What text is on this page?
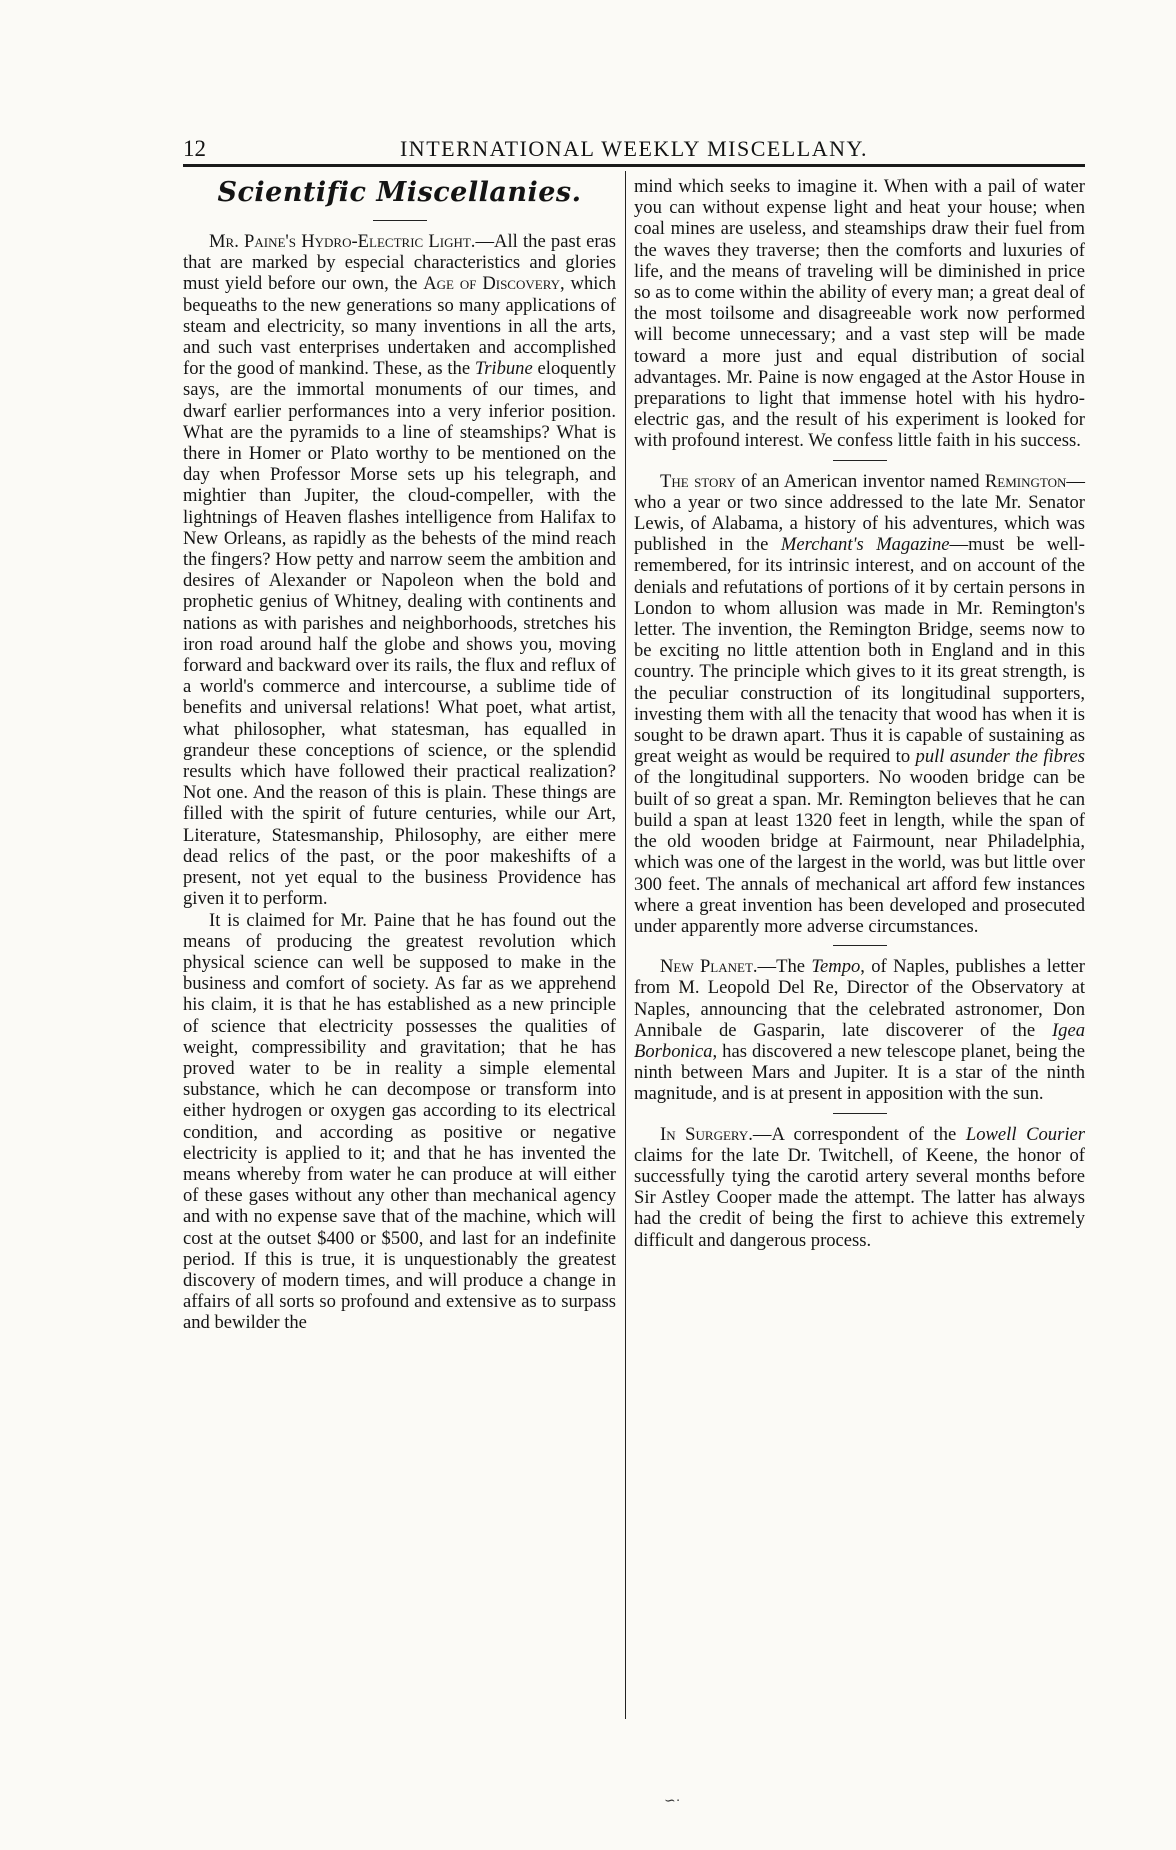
12	INTERNATIONAL WEEKLY MISCELLANY.
Scientific Miscellanies.

Mr. Paine's Hydro-Electric Light.—All the past eras that are marked by especial characteristics and glories must yield before our own, the Age of Discovery, which bequeaths to the new generations so many applications of steam and electricity, so many inventions in all the arts, and such vast enterprises undertaken and accomplished for the good of mankind. These, as the Tribune eloquently says, are the immortal monuments of our times, and dwarf earlier performances into a very inferior position. What are the pyramids to a line of steamships? What is there in Homer or Plato worthy to be mentioned on the day when Professor Morse sets up his telegraph, and mightier than Jupiter, the cloud-compeller, with the lightnings of Heaven flashes intelligence from Halifax to New Orleans, as rapidly as the behests of the mind reach the fingers? How petty and narrow seem the ambition and desires of Alexander or Napoleon when the bold and prophetic genius of Whitney, dealing with continents and nations as with parishes and neighborhoods, stretches his iron road around half the globe and shows you, moving forward and backward over its rails, the flux and reflux of a world's commerce and intercourse, a sublime tide of benefits and universal relations! What poet, what artist, what philosopher, what statesman, has equalled in grandeur these conceptions of science, or the splendid results which have followed their practical realization? Not one. And the reason of this is plain. These things are filled with the spirit of future centuries, while our Art, Literature, Statesmanship, Philosophy, are either mere dead relics of the past, or the poor makeshifts of a present, not yet equal to the business Providence has given it to perform.

It is claimed for Mr. Paine that he has found out the means of producing the greatest revolution which physical science can well be supposed to make in the business and comfort of society. As far as we apprehend his claim, it is that he has established as a new principle of science that electricity possesses the qualities of weight, compressibility and gravitation; that he has proved water to be in reality a simple elemental substance, which he can decompose or transform into either hydrogen or oxygen gas according to its electrical condition, and according as positive or negative electricity is applied to it; and that he has invented the means whereby from water he can produce at will either of these gases without any other than mechanical agency and with no expense save that of the machine, which will cost at the outset $400 or $500, and last for an indefinite period. If this is true, it is unquestionably the greatest discovery of modern times, and will produce a change in affairs of all sorts so profound and extensive as to surpass and bewilder the

mind which seeks to imagine it. When with a pail of water you can without expense light and heat your house; when coal mines are useless, and steamships draw their fuel from the waves they traverse; then the comforts and luxuries of life, and the means of traveling will be diminished in price so as to come within the ability of every man; a great deal of the most toilsome and disagreeable work now performed will become unnecessary; and a vast step will be made toward a more just and equal distribution of social advantages. Mr. Paine is now engaged at the Astor House in preparations to light that immense hotel with his hydro-electric gas, and the result of his experiment is looked for with profound interest. We confess little faith in his success.

The story of an American inventor named Remington—who a year or two since addressed to the late Mr. Senator Lewis, of Alabama, a history of his adventures, which was published in the Merchant's Magazine—must be well-remembered, for its intrinsic interest, and on account of the denials and refutations of portions of it by certain persons in London to whom allusion was made in Mr. Remington's letter. The invention, the Remington Bridge, seems now to be exciting no little attention both in England and in this country. The principle which gives to it its great strength, is the peculiar construction of its longitudinal supporters, investing them with all the tenacity that wood has when it is sought to be drawn apart. Thus it is capable of sustaining as great weight as would be required to pull asunder the fibres of the longitudinal supporters. No wooden bridge can be built of so great a span. Mr. Remington believes that he can build a span at least 1320 feet in length, while the span of the old wooden bridge at Fairmount, near Philadelphia, which was one of the largest in the world, was but little over 300 feet. The annals of mechanical art afford few instances where a great invention has been developed and prosecuted under apparently more adverse circumstances.

New Planet.—The Tempo, of Naples, publishes a letter from M. Leopold Del Re, Director of the Observatory at Naples, announcing that the celebrated astronomer, Don Annibale de Gasparin, late discoverer of the Igea Borbonica, has discovered a new telescope planet, being the ninth between Mars and Jupiter. It is a star of the ninth magnitude, and is at present in apposition with the sun.

In Surgery.—A correspondent of the Lowell Courier claims for the late Dr. Twitchell, of Keene, the honor of successfully tying the carotid artery several months before Sir Astley Cooper made the attempt. The latter has always had the credit of being the first to achieve this extremely difficult and dangerous process.

∽·
